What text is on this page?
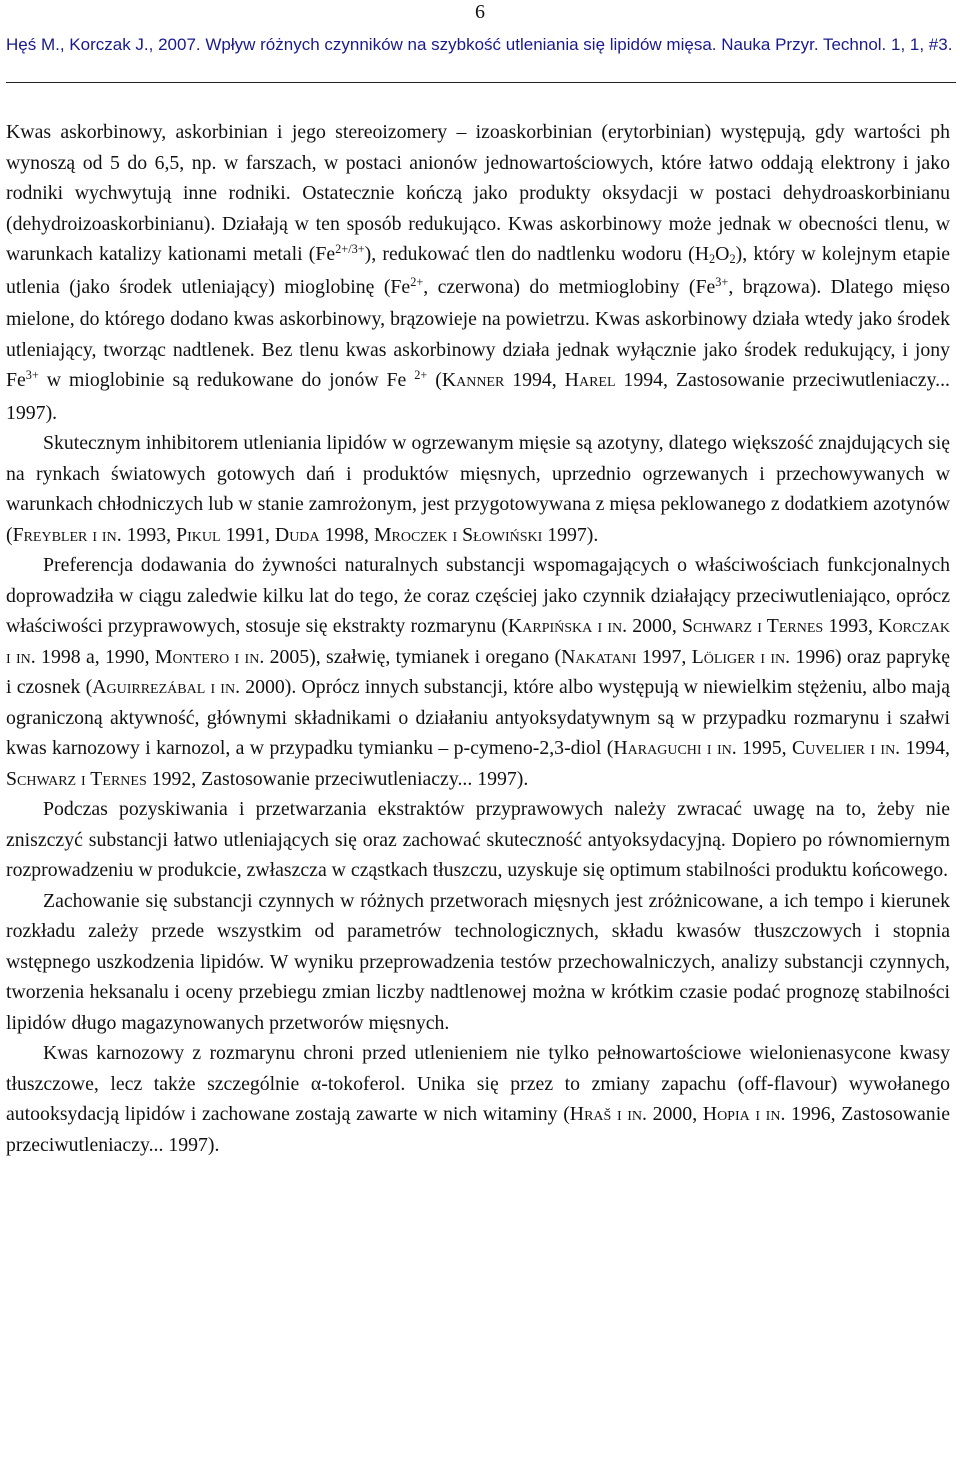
6
Hęś M., Korczak J., 2007. Wpływ różnych czynników na szybkość utleniania się lipidów mięsa. Nauka Przyr. Technol. 1, 1, #3.

Kwas askorbinowy, askorbinian i jego stereoizomery – izoaskorbinian (erytorbinian) występują, gdy wartości ph wynoszą od 5 do 6,5, np. w farszach, w postaci anionów jednowartościowych, które łatwo oddają elektrony i jako rodniki wychwytują inne rodniki. Ostatecznie kończą jako produkty oksydacji w postaci dehydroaskorbinianu (dehydroizoaskorbinianu). Działają w ten sposób redukująco. Kwas askorbinowy może jednak w obecności tlenu, w warunkach katalizy kationami metali $(Fe^{2+/3+})$, redukować tlen do nadtlenku wodoru $(H_2O_2)$, który w kolejnym etapie utlenia (jako środek utleniający) mioglobinę ($Fe^{2+}$, czerwona) do metmioglobiny ($Fe^{3+}$, brązowa). Dlatego mięso mielone, do którego dodano kwas askorbinowy, brązowieje na powietrzu. Kwas askorbinowy działa wtedy jako środek utleniający, tworząc nadtlenek. Bez tlenu kwas askorbinowy działa jednak wyłącznie jako środek redukujący, i jony $Fe^{3+}$ w mioglobinie są redukowane do jonów Fe $^{2+}$ (Kanner 1994, Harel 1994, Zastosowanie przeciwutleniaczy... 1997).

Skutecznym inhibitorem utleniania lipidów w ogrzewanym mięsie są azotyny, dlatego większość znajdujących się na rynkach światowych gotowych dań i produktów mięsnych, uprzednio ogrzewanych i przechowywanych w warunkach chłodniczych lub w stanie zamrożonym, jest przygotowywana z mięsa peklowanego z dodatkiem azotynów (Freybler i in. 1993, Pikul 1991, Duda 1998, Mroczek i Słowiński 1997).

Preferencja dodawania do żywności naturalnych substancji wspomagających o właściwościach funkcjonalnych doprowadziła w ciągu zaledwie kilku lat do tego, że coraz częściej jako czynnik działający przeciwutleniająco, oprócz właściwości przyprawowych, stosuje się ekstrakty rozmarynu (Karpińska i in. 2000, Schwarz i Ternes 1993, Korczak i in. 1998 a, 1990, Montero i in. 2005), szałwię, tymianek i oregano (Nakatani 1997, Löliger i in. 1996) oraz paprykę i czosnek (Aguirrezábal i in. 2000). Oprócz innych substancji, które albo występują w niewielkim stężeniu, albo mają ograniczoną aktywność, głównymi składnikami o działaniu antyoksydatywnym są w przypadku rozmarynu i szałwi kwas karnozowy i karnozol, a w przypadku tymianku – p-cymeno-2,3-diol (Haraguchi i in. 1995, Cuvelier i in. 1994, Schwarz i Ternes 1992, Zastosowanie przeciwutleniaczy... 1997).

Podczas pozyskiwania i przetwarzania ekstraktów przyprawowych należy zwracać uwagę na to, żeby nie zniszczyć substancji łatwo utleniających się oraz zachować skuteczność antyoksydacyjną. Dopiero po równomiernym rozprowadzeniu w produkcie, zwłaszcza w cząstkach tłuszczu, uzyskuje się optimum stabilności produktu końcowego.

Zachowanie się substancji czynnych w różnych przetworach mięsnych jest zróżnicowane, a ich tempo i kierunek rozkładu zależy przede wszystkim od parametrów technologicznych, składu kwasów tłuszczowych i stopnia wstępnego uszkodzenia lipidów. W wyniku przeprowadzenia testów przechowalniczych, analizy substancji czynnych, tworzenia heksanalu i oceny przebiegu zmian liczby nadtlenowej można w krótkim czasie podać prognozę stabilności lipidów długo magazynowanych przetworów mięsnych.

Kwas karnozowy z rozmarynu chroni przed utlenieniem nie tylko pełnowartościowe wielonienasycone kwasy tłuszczowe, lecz także szczególnie α-tokoferol. Unika się przez to zmiany zapachu (off-flavour) wywołanego autooksydacją lipidów i zachowane zostają zawarte w nich witaminy (Hraš i in. 2000, Hopia i in. 1996, Zastosowanie przeciwutleniaczy... 1997).
